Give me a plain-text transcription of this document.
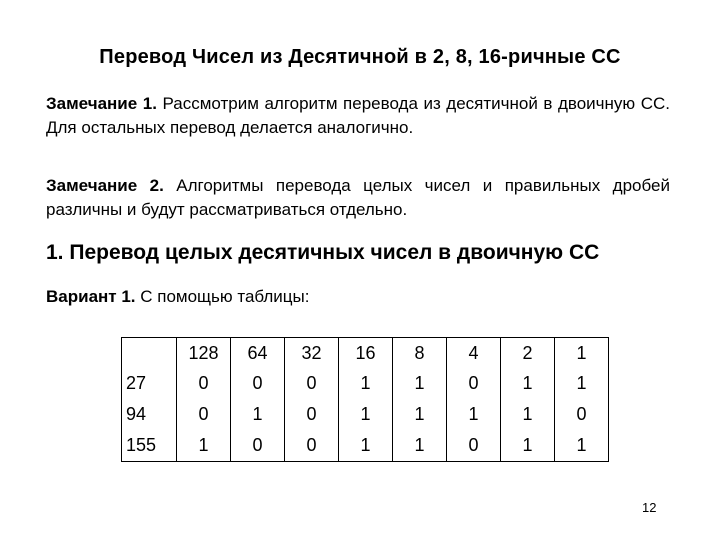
Перевод Чисел из Десятичной в 2, 8, 16-ричные СС
Замечание 1. Рассмотрим алгоритм перевода из десятичной в двоичную СС. Для остальных перевод делается аналогично.
Замечание 2. Алгоритмы перевода целых чисел и правильных дробей различны и будут рассматриваться отдельно.
1. Перевод целых десятичных чисел в двоичную СС
Вариант 1. С помощью таблицы:
	128	64	32	16	8	4	2	1
27	0	0	0	1	1	0	1	1
94	0	1	0	1	1	1	1	0
155	1	0	0	1	1	0	1	1
12
